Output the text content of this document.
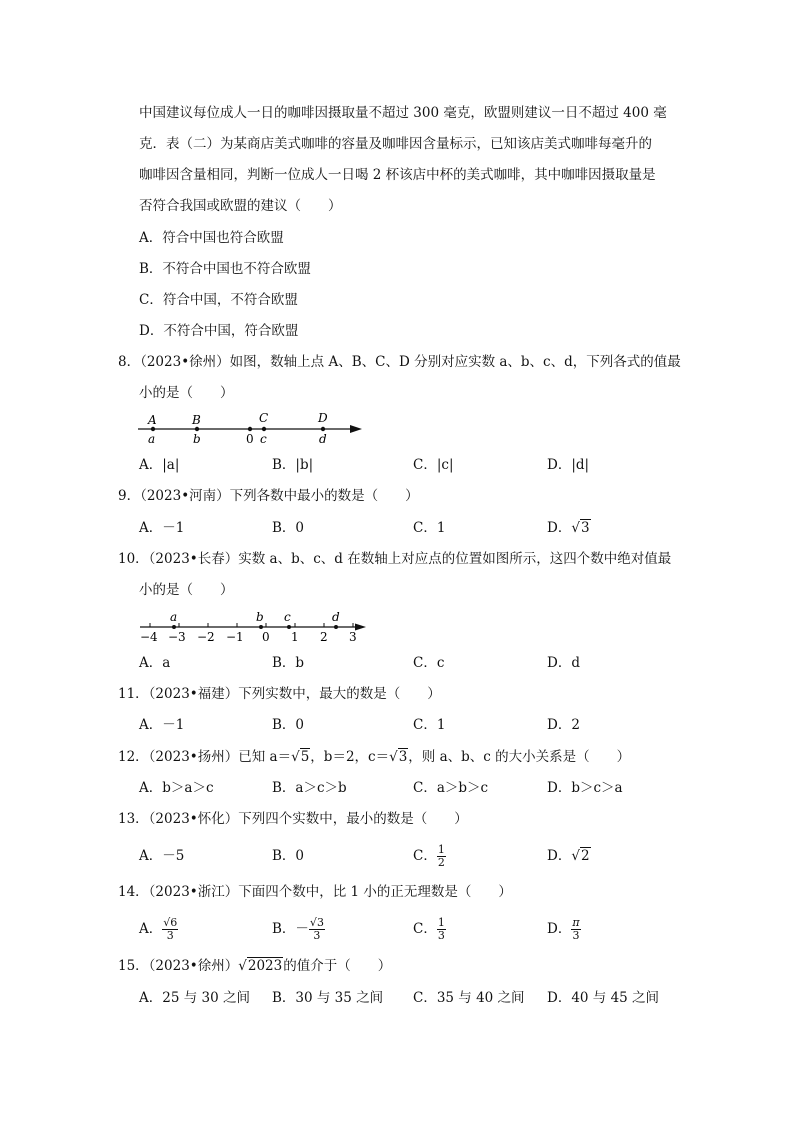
中国建议每位成人一日的咖啡因摄取量不超过 300 毫克，欧盟则建议一日不超过 400 毫
克．表（二）为某商店美式咖啡的容量及咖啡因含量标示，已知该店美式咖啡每毫升的
咖啡因含量相同，判断一位成人一日喝 2 杯该店中杯的美式咖啡，其中咖啡因摄取量是
否符合我国或欧盟的建议（　　）
A．符合中国也符合欧盟
B．不符合中国也不符合欧盟
C．符合中国，不符合欧盟
D．不符合中国，符合欧盟
8．（2023•徐州）如图，数轴上点 A、B、C、D 分别对应实数 a、b、c、d，下列各式的值最
小的是（　　）
A	B	C	D
a	b	0 c	d
A．|a|	B．|b|	C．|c|	D．|d|
9．（2023•河南）下列各数中最小的数是（　　）
A．－1	B．0	C．1	D．√3
10．（2023•长春）实数 a、b、c、d 在数轴上对应点的位置如图所示，这四个数中绝对值最
小的是（　　）
a	b c	d
−4 −3 −2 −1 0 1 2 3
A．a	B．b	C．c	D．d
11．（2023•福建）下列实数中，最大的数是（　　）
A．－1	B．0	C．1	D．2
12．（2023•扬州）已知 a＝√5，b＝2，c＝√3，则 a、b、c 的大小关系是（　　）
A．b＞a＞c	B．a＞c＞b	C．a＞b＞c	D．b＞c＞a
13．（2023•怀化）下列四个实数中，最小的数是（　　）
A．－5	B．0	C． $\frac{1}{2}$	D．√2
14．（2023•浙江）下面四个数中，比 1 小的正无理数是（　　）
A． $\frac{√6}{3}$	B．－ $\frac{√3}{3}$	C． $\frac{1}{3}$	D． $\frac{\pi}{3}$
15．（2023•徐州）√2023的值介于（　　）
A．25 与 30 之间 B．30 与 35 之间 C．35 与 40 之间 D．40 与 45 之间
